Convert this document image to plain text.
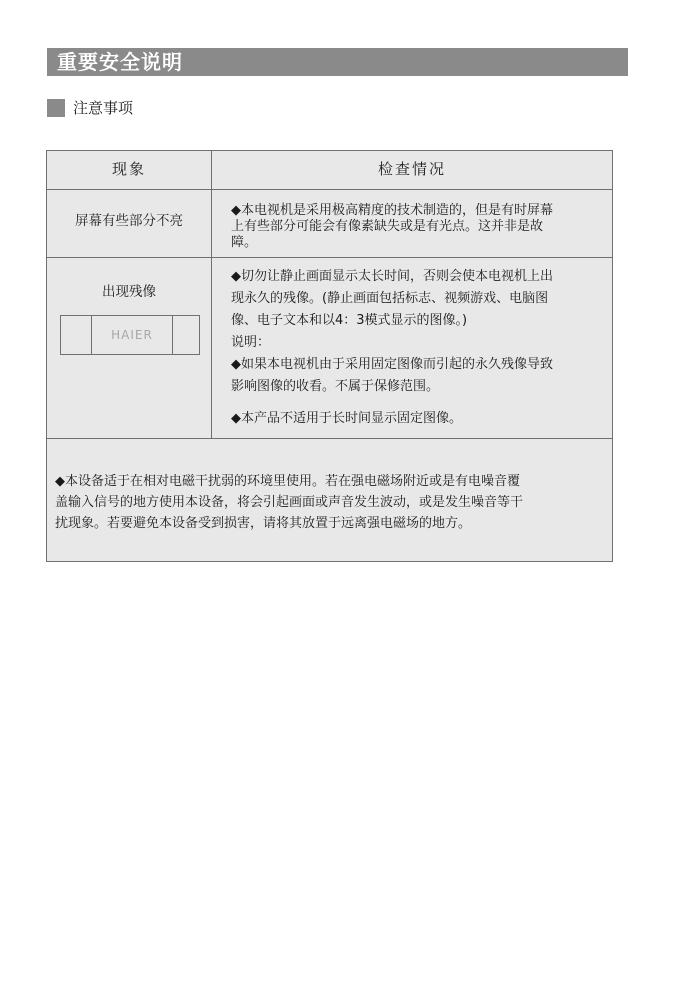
重要安全说明
注意事项
现象	检查情况
屏幕有些部分不亮
◆本电视机是采用极高精度的技术制造的，但是有时屏幕
上有些部分可能会有像素缺失或是有光点。这并非是故
障。
出现残像
HAIER
◆切勿让静止画面显示太长时间，否则会使本电视机上出
现永久的残像。(静止画面包括标志、视频游戏、电脑图
像、电子文本和以4：3模式显示的图像。)
说明：
◆如果本电视机由于采用固定图像而引起的永久残像导致
影响图像的收看。不属于保修范围。
◆本产品不适用于长时间显示固定图像。
◆本设备适于在相对电磁干扰弱的环境里使用。若在强电磁场附近或是有电噪音覆
盖输入信号的地方使用本设备，将会引起画面或声音发生波动，或是发生噪音等干
扰现象。若要避免本设备受到损害，请将其放置于远离强电磁场的地方。
